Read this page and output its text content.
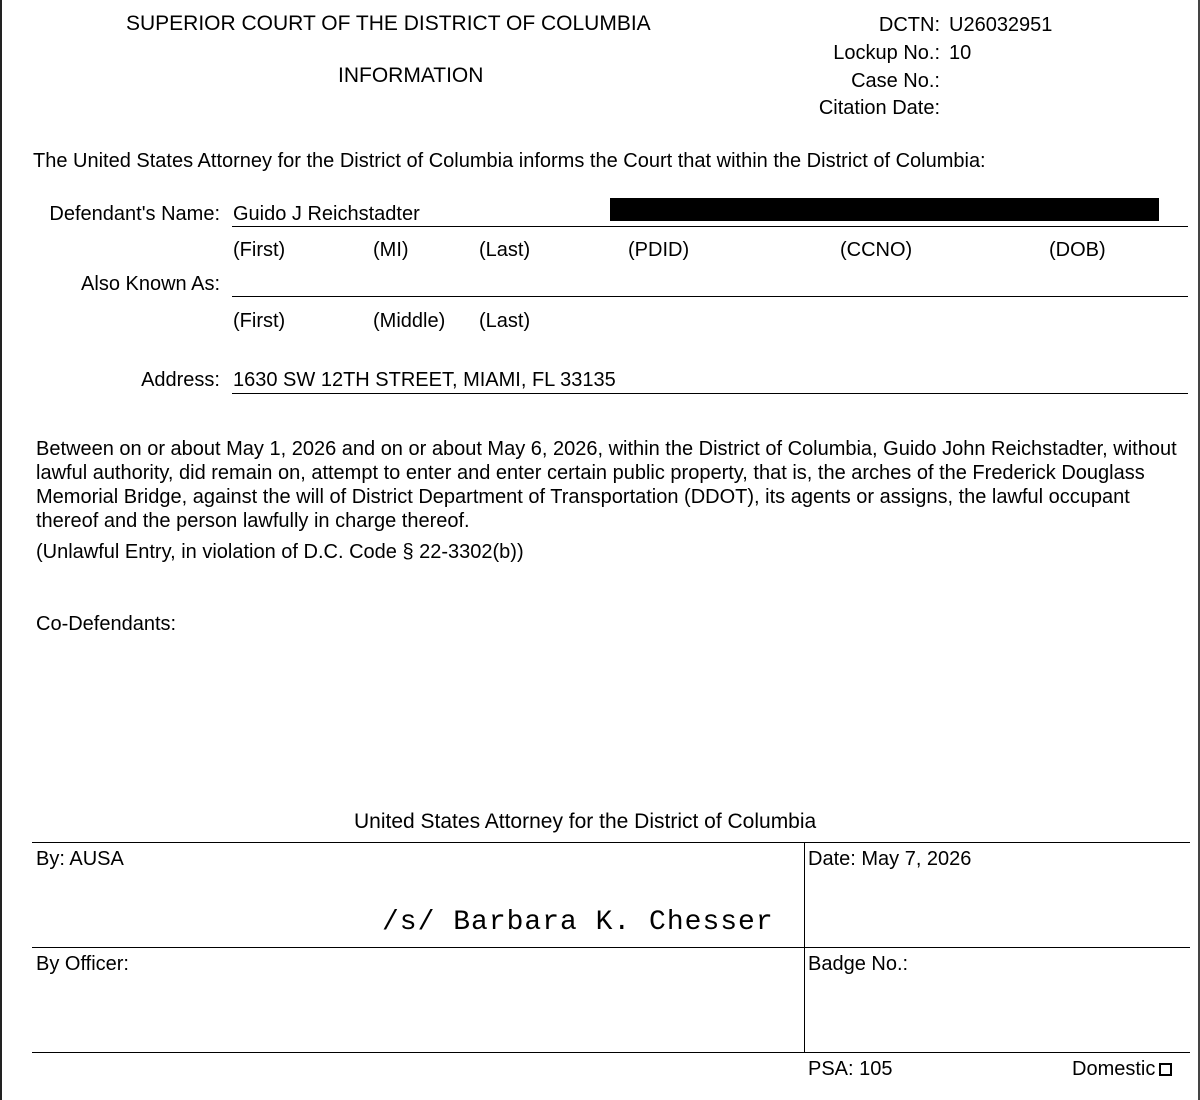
SUPERIOR COURT OF THE DISTRICT OF COLUMBIA
INFORMATION
DCTN: U26032951
Lockup No.: 10
Case No.:
Citation Date:
The United States Attorney for the District of Columbia informs the Court that within the District of Columbia:
Defendant's Name: Guido J Reichstadter
(First)	(MI)	(Last)	(PDID)	(CCNO)	(DOB)
Also Known As:
(First)	(Middle) (Last)
Address: 1630 SW 12TH STREET, MIAMI, FL 33135
Between on or about May 1, 2026 and on or about May 6, 2026, within the District of Columbia, Guido John Reichstadter, without lawful authority, did remain on, attempt to enter and enter certain public property, that is, the arches of the Frederick Douglass Memorial Bridge, against the will of District Department of Transportation (DDOT), its agents or assigns, the lawful occupant thereof and the person lawfully in charge thereof.
(Unlawful Entry, in violation of D.C. Code § 22-3302(b))
Co-Defendants:
United States Attorney for the District of Columbia
By: AUSA	Date: May 7, 2026
/s/ Barbara K. Chesser
By Officer:	Badge No.:
PSA: 105	Domestic
